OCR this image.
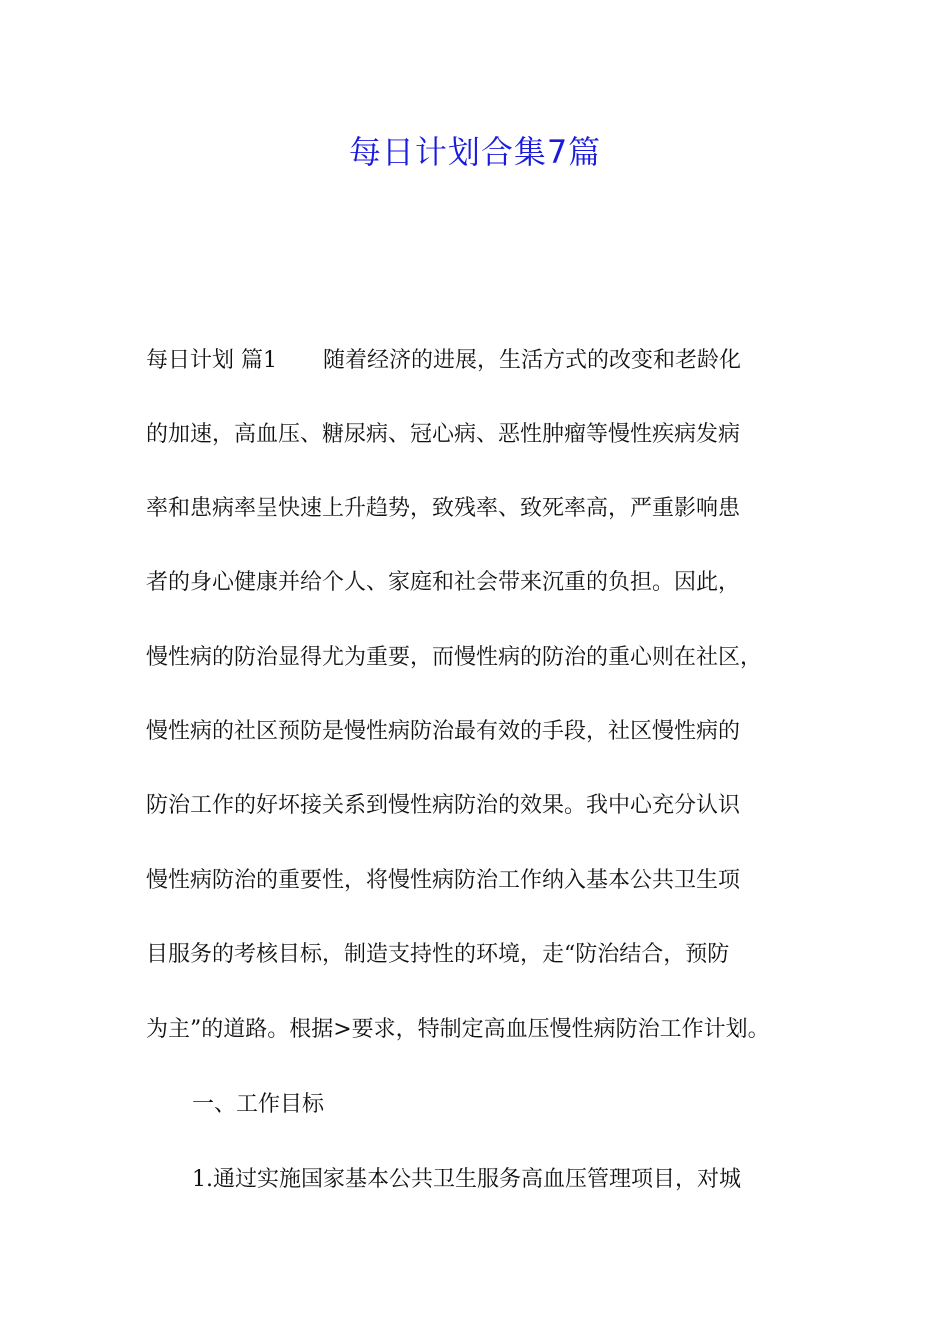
每日计划合集7篇

每日计划 篇1 随着经济的进展，生活方式的改变和老龄化

的加速，高血压、糖尿病、冠心病、恶性肿瘤等慢性疾病发病

率和患病率呈快速上升趋势，致残率、致死率高，严重影响患

者的身心健康并给个人、家庭和社会带来沉重的负担。因此，

慢性病的防治显得尤为重要，而慢性病的防治的重心则在社区，

慢性病的社区预防是慢性病防治最有效的手段，社区慢性病的

防治工作的好坏接关系到慢性病防治的效果。我中心充分认识

慢性病防治的重要性，将慢性病防治工作纳入基本公共卫生项

目服务的考核目标，制造支持性的环境，走“防治结合，预防

为主”的道路。根据>要求，特制定高血压慢性病防治工作计划。

一、工作目标

1.通过实施国家基本公共卫生服务高血压管理项目，对城
